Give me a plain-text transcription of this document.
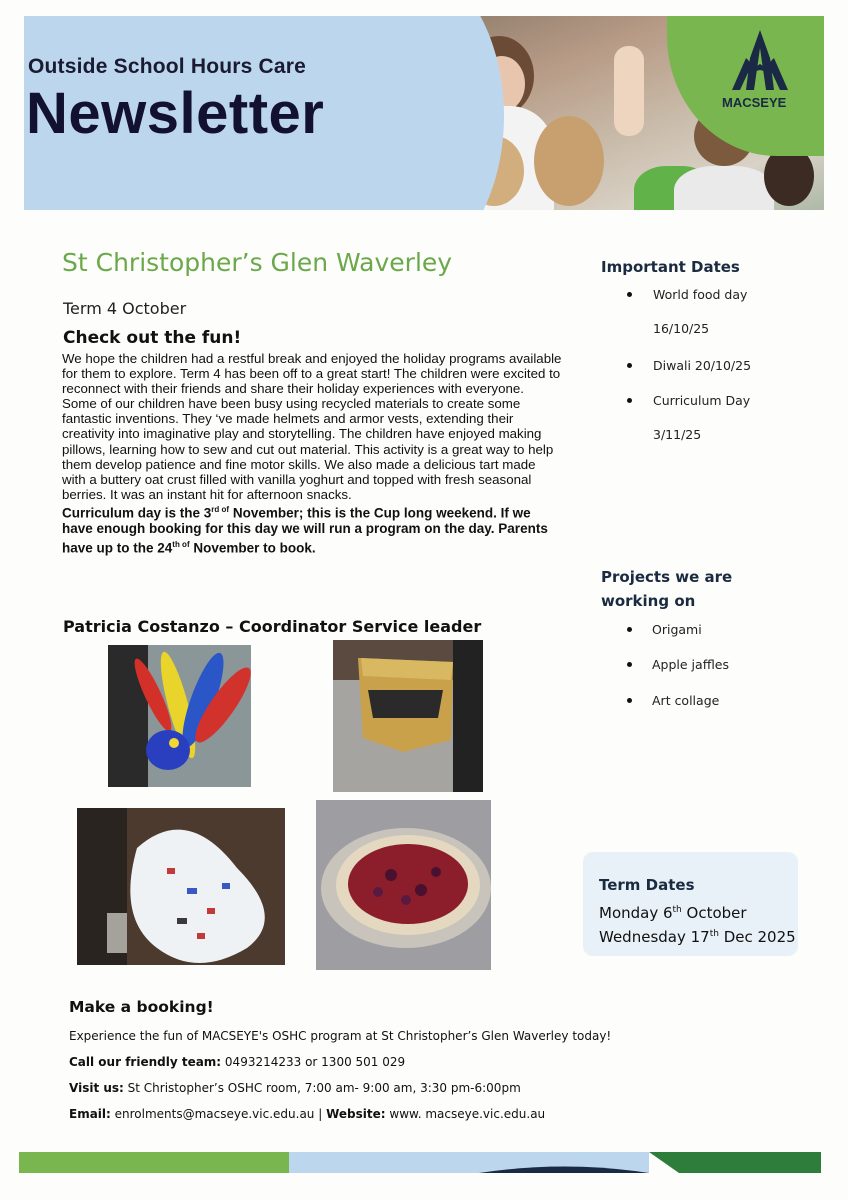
Outside School Hours Care
Newsletter	MACSEYE
St Christopher’s Glen Waverley
Term 4 October
Check out the fun!

We hope the children had a restful break and enjoyed the holiday programs available for them to explore. Term 4 has been off to a great start! The children were excited to reconnect with their friends and share their holiday experiences with everyone.

Some of our children have been busy using recycled materials to create some fantastic inventions. They ‘ve made helmets and armor vests, extending their creativity into imaginative play and storytelling. The children have enjoyed making pillows, learning how to sew and cut out material. This activity is a great way to help them develop patience and fine motor skills. We also made a delicious tart made with a buttery oat crust filled with vanilla yoghurt and topped with fresh seasonal berries. It was an instant hit for afternoon snacks.

Curriculum day is the $3^{rd of}$ November; this is the Cup long weekend. If we have enough booking for this day we will run a program on the day. Parents have up to the $24^{th of}$ November to book.

Patricia Costanzo – Coordinator Service leader
Important Dates
World food day
16/10/25
Diwali 20/10/25
Curriculum Day
3/11/25
Projects we are
working on
Origami
Apple jaffles
Art collage
Term Dates
Monday 6th October
Wednesday 17th Dec 2025
Make a booking!
Experience the fun of MACSEYE's OSHC program at St Christopher’s Glen Waverley today!
Call our friendly team: 0493214233 or 1300 501 029
Visit us: St Christopher’s OSHC room, 7:00 am- 9:00 am, 3:30 pm-6:00pm
Email: enrolments@macseye.vic.edu.au | Website: www. macseye.vic.edu.au
